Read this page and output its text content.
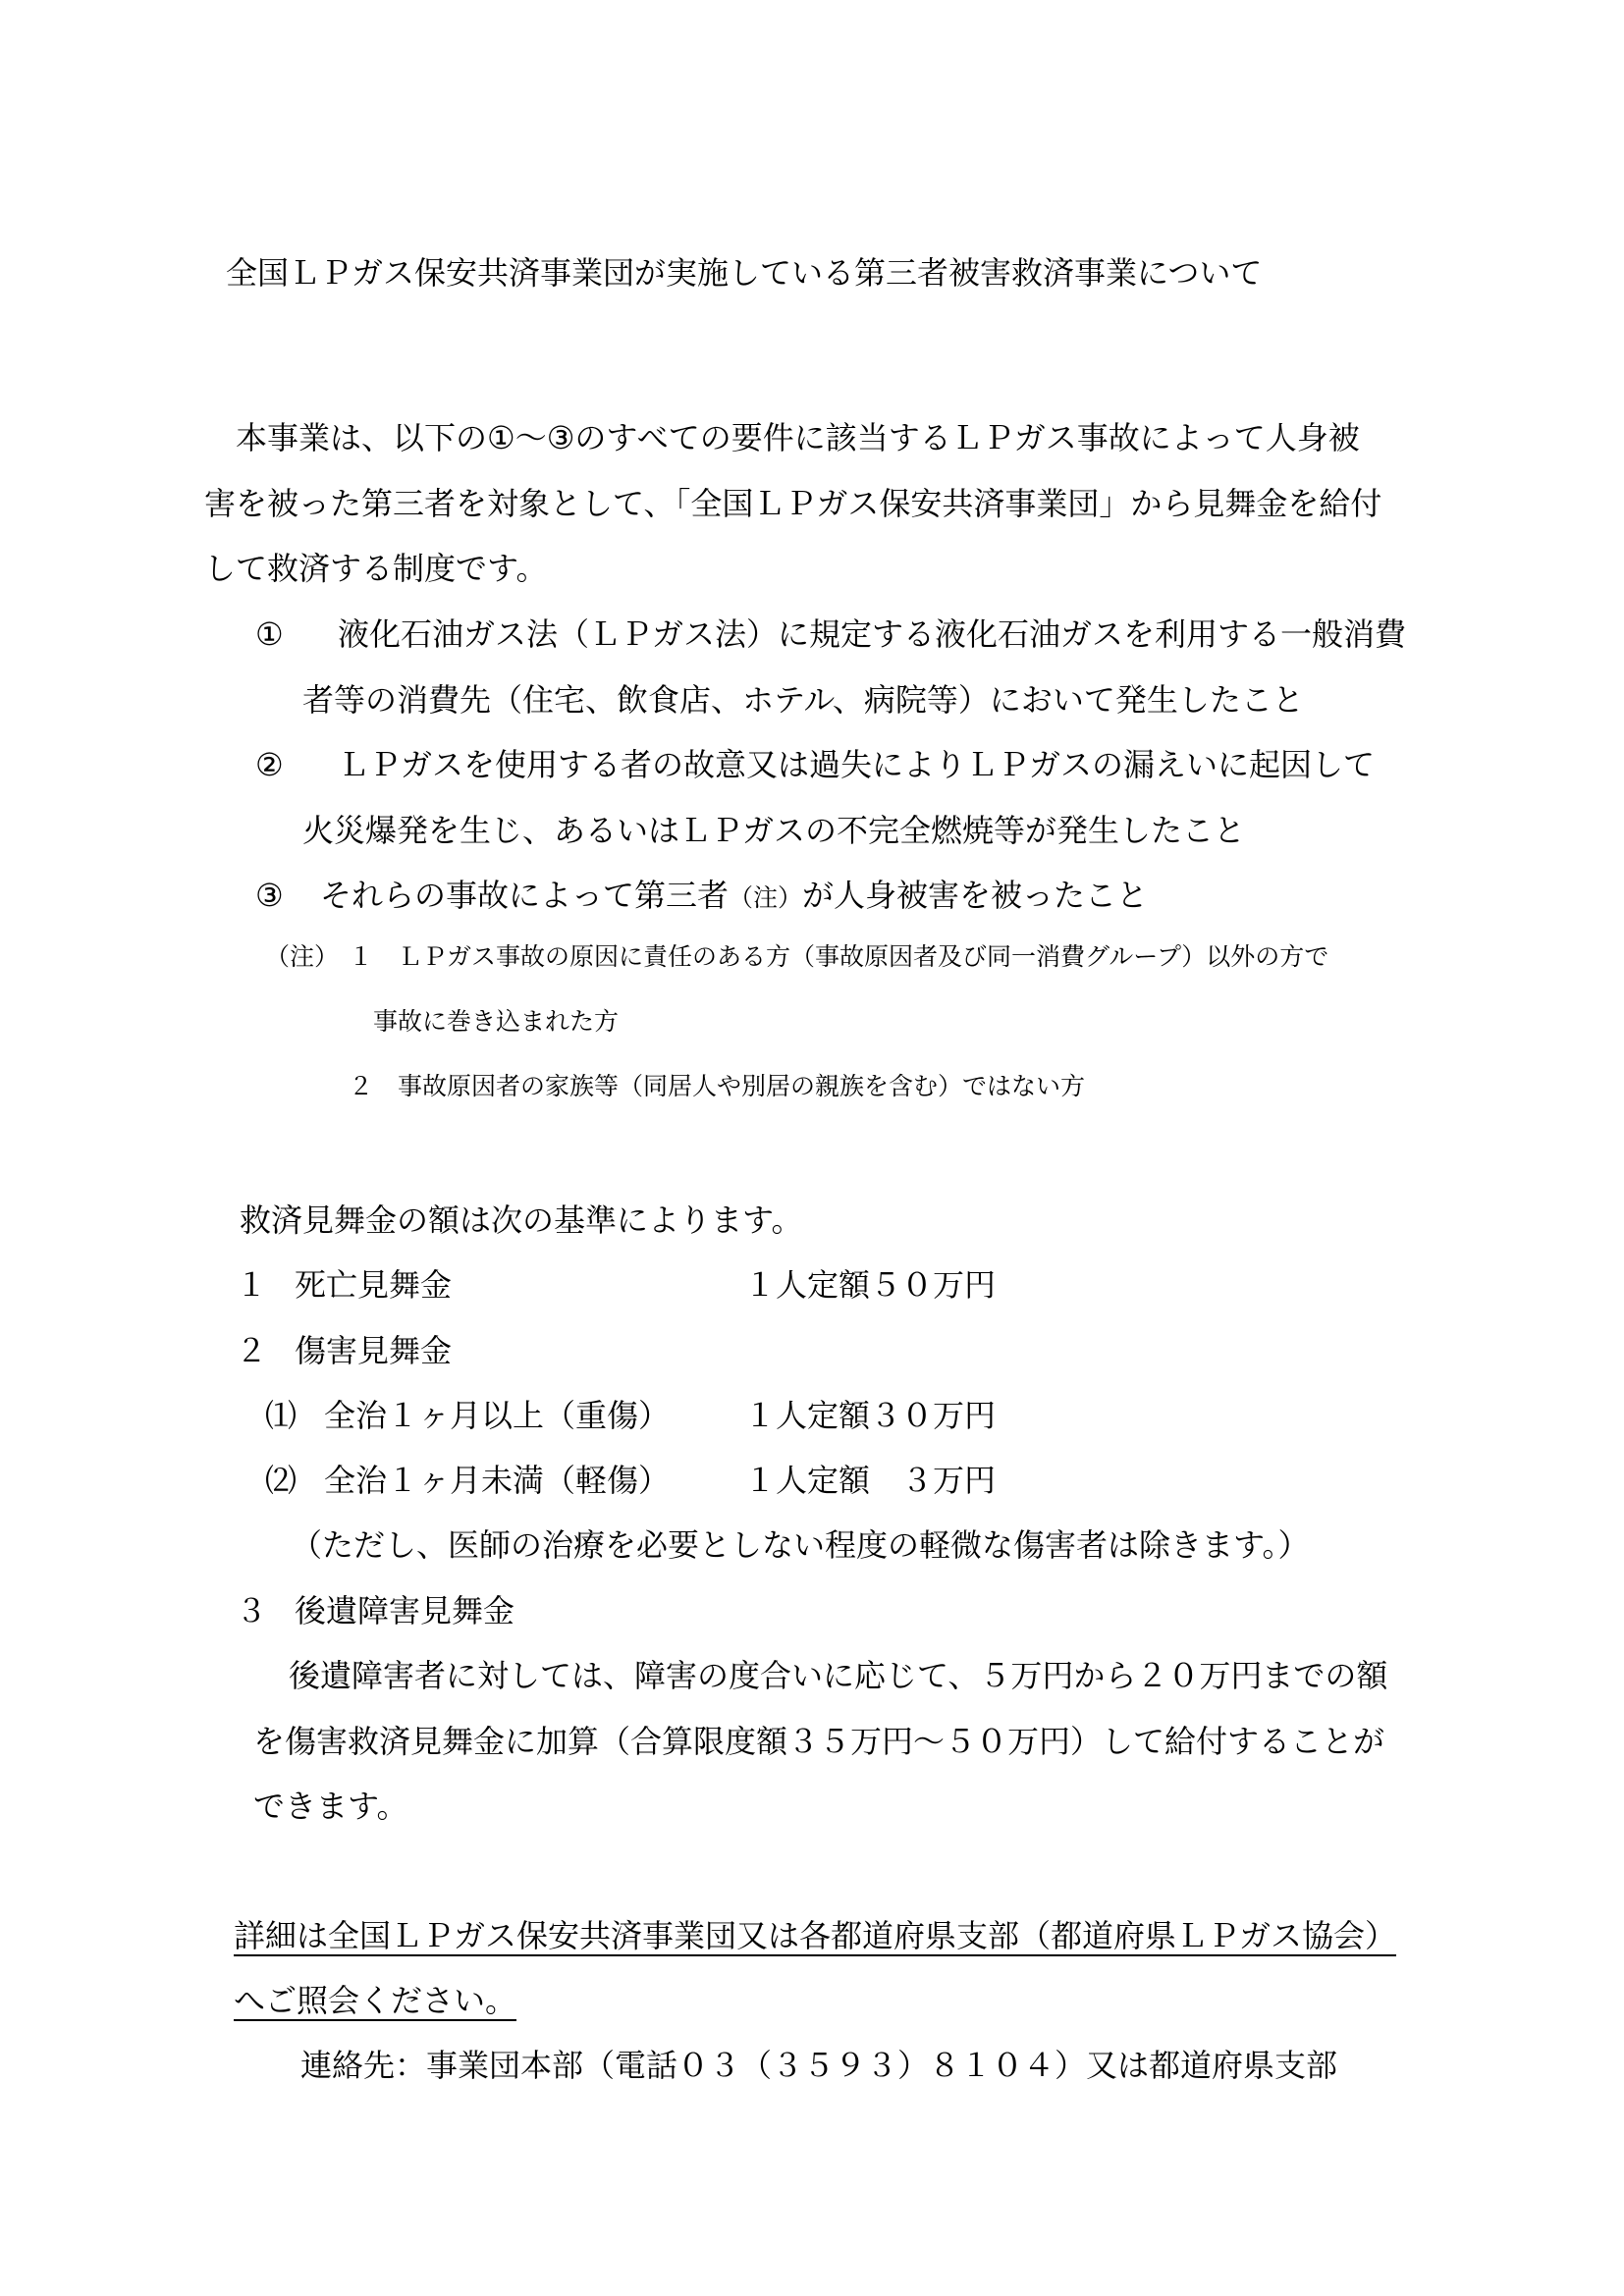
全国ＬＰガス保安共済事業団が実施している第三者被害救済事業について
本事業は、以下の①～③のすべての要件に該当するＬＰガス事故によって人身被
害を被った第三者を対象として、「全国ＬＰガス保安共済事業団」から見舞金を給付
して救済する制度です。
① 液化石油ガス法（ＬＰガス法）に規定する液化石油ガスを利用する一般消費
者等の消費先（住宅、飲食店、ホテル、病院等）において発生したこと
② ＬＰガスを使用する者の故意又は過失によりＬＰガスの漏えいに起因して
火災爆発を生じ、あるいはＬＰガスの不完全燃焼等が発生したこと
③ それらの事故によって第三者（注）が人身被害を被ったこと
（注） １ ＬＰガス事故の原因に責任のある方（事故原因者及び同一消費グループ）以外の方で
事故に巻き込まれた方
２ 事故原因者の家族等（同居人や別居の親族を含む）ではない方
救済見舞金の額は次の基準によります。
１ 死亡見舞金	１人定額５０万円
２ 傷害見舞金
⑴ 全治１ヶ月以上（重傷） １人定額３０万円
⑵ 全治１ヶ月未満（軽傷） １人定額　３万円
（ただし、医師の治療を必要としない程度の軽微な傷害者は除きます。）
３ 後遺障害見舞金
後遺障害者に対しては、障害の度合いに応じて、５万円から２０万円までの額
を傷害救済見舞金に加算（合算限度額３５万円～５０万円）して給付することが
できます。
詳細は全国ＬＰガス保安共済事業団又は各都道府県支部（都道府県ＬＰガス協会）
へご照会ください。
連絡先：事業団本部（電話０３（３５９３）８１０４）又は都道府県支部
